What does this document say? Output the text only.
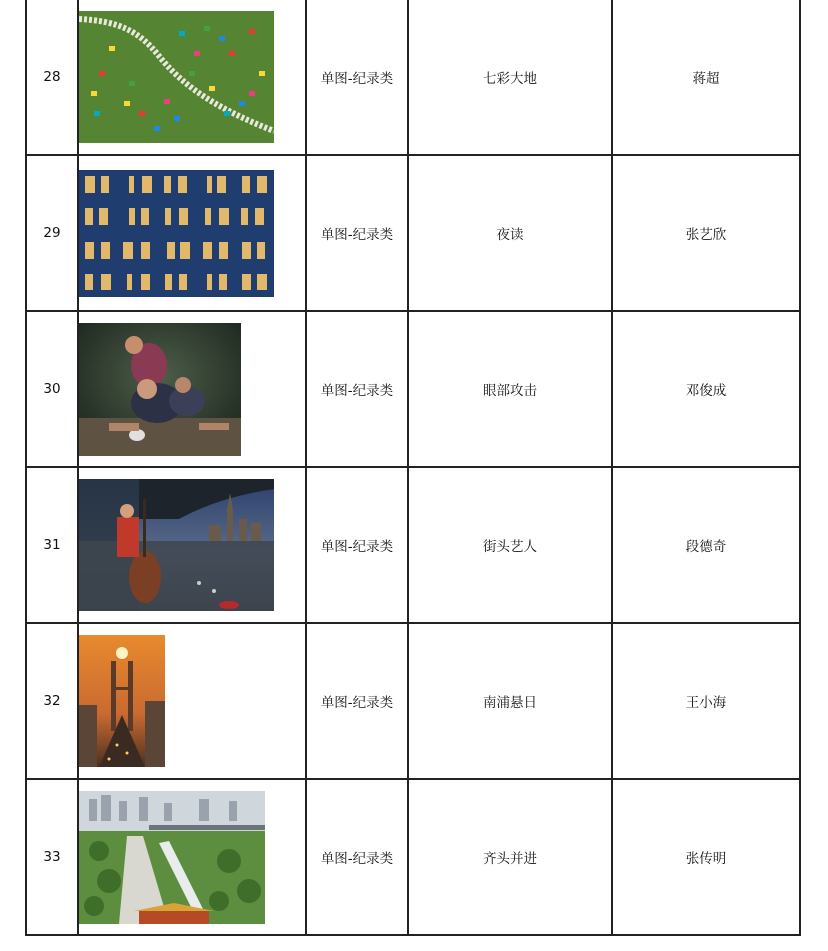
28		单图-纪录类	七彩大地	蒋超
29		单图-纪录类	夜读	张艺欣
30		单图-纪录类	眼部攻击	邓俊成
31		单图-纪录类	街头艺人	段德奇
32		单图-纪录类	南浦悬日	王小海
33		单图-纪录类	齐头并进	张传明
